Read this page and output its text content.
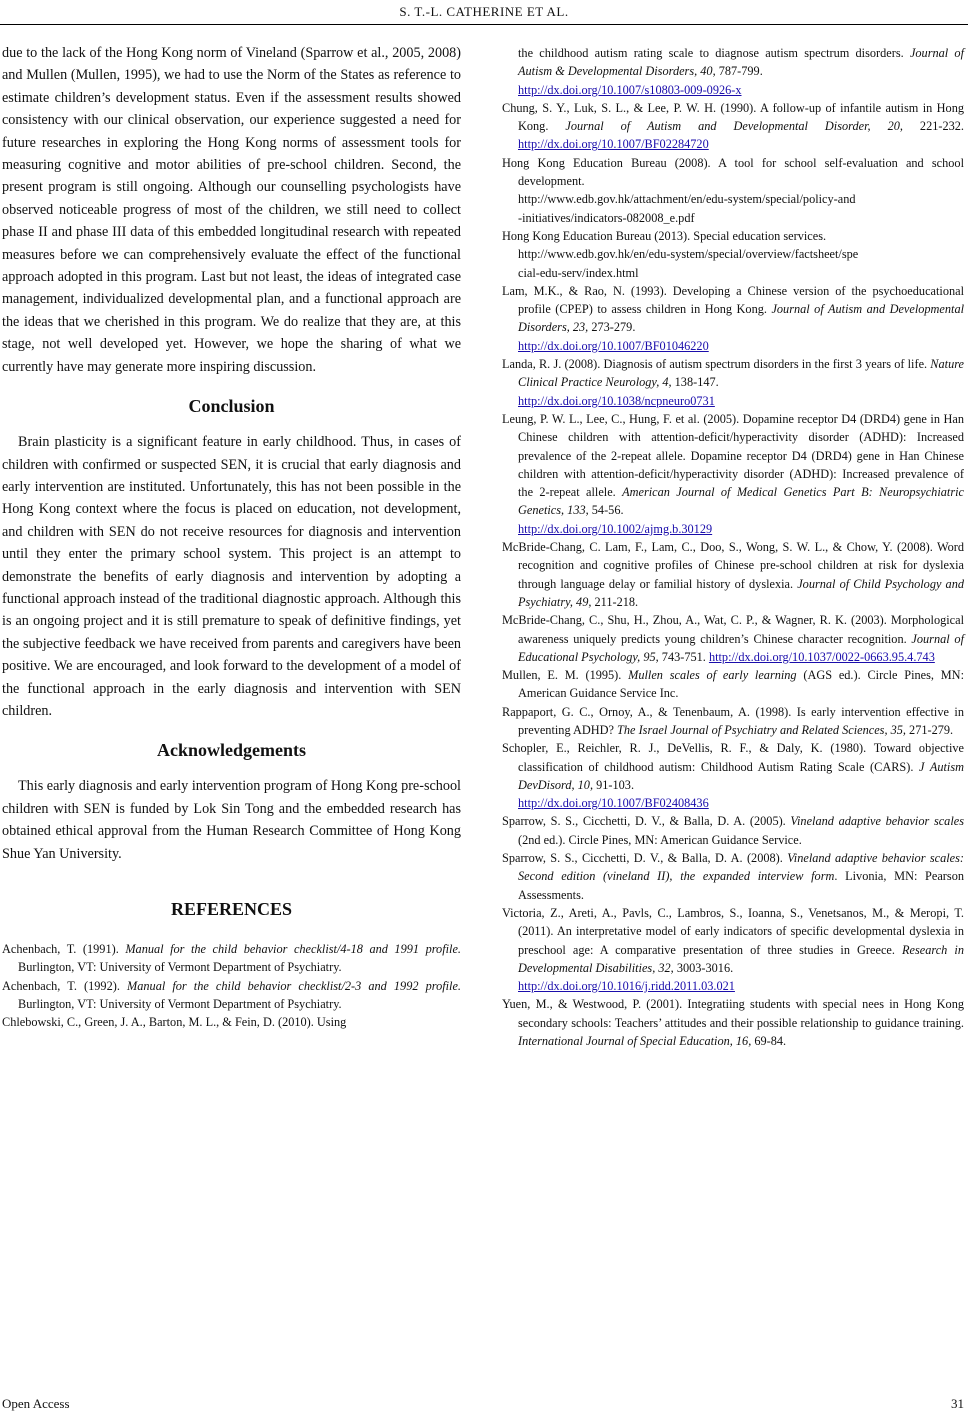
S. T.-L. CATHERINE ET AL.

due to the lack of the Hong Kong norm of Vineland (Sparrow et al., 2005, 2008) and Mullen (Mullen, 1995), we had to use the Norm of the States as reference to estimate children’s development status. Even if the assessment results showed consistency with our clinical observation, our experience suggested a need for future researches in exploring the Hong Kong norms of assessment tools for measuring cognitive and motor abilities of pre-school children. Second, the present program is still ongoing. Although our counselling psychologists have observed noticeable progress of most of the children, we still need to collect phase II and phase III data of this embedded longitudinal research with repeated measures before we can comprehensively evaluate the effect of the functional approach adopted in this program. Last but not least, the ideas of integrated case management, individualized developmental plan, and a functional approach are the ideas that we cherished in this program. We do realize that they are, at this stage, not well developed yet. However, we hope the sharing of what we currently have may generate more inspiring discussion.

Conclusion

Brain plasticity is a significant feature in early childhood. Thus, in cases of children with confirmed or suspected SEN, it is crucial that early diagnosis and early intervention are instituted. Unfortunately, this has not been possible in the Hong Kong context where the focus is placed on education, not development, and children with SEN do not receive resources for diagnosis and intervention until they enter the primary school system. This project is an attempt to demonstrate the benefits of early diagnosis and intervention by adopting a functional approach instead of the traditional diagnostic approach. Although this is an ongoing project and it is still premature to speak of definitive findings, yet the subjective feedback we have received from parents and caregivers have been positive. We are encouraged, and look forward to the development of a model of the functional approach in the early diagnosis and intervention with SEN children.

Acknowledgements

This early diagnosis and early intervention program of Hong Kong pre-school children with SEN is funded by Lok Sin Tong and the embedded research has obtained ethical approval from the Human Research Committee of Hong Kong Shue Yan University.

REFERENCES

Achenbach, T. (1991). Manual for the child behavior checklist/4-18 and 1991 profile. Burlington, VT: University of Vermont Department of Psychiatry.

Achenbach, T. (1992). Manual for the child behavior checklist/2-3 and 1992 profile. Burlington, VT: University of Vermont Department of Psychiatry.

Chlebowski, C., Green, J. A., Barton, M. L., & Fein, D. (2010). Using

the childhood autism rating scale to diagnose autism spectrum disorders. Journal of Autism & Developmental Disorders, 40, 787-799.
http://dx.doi.org/10.1007/s10803-009-0926-x

Chung, S. Y., Luk, S. L., & Lee, P. W. H. (1990). A follow-up of infantile autism in Hong Kong. Journal of Autism and Developmental Disorder, 20, 221-232. http://dx.doi.org/10.1007/BF02284720

Hong Kong Education Bureau (2008). A tool for school self-evaluation and school development.
http://www.edb.gov.hk/attachment/en/edu-system/special/policy-and
-initiatives/indicators-082008_e.pdf

Hong Kong Education Bureau (2013). Special education services.
http://www.edb.gov.hk/en/edu-system/special/overview/factsheet/spe
cial-edu-serv/index.html

Lam, M.K., & Rao, N. (1993). Developing a Chinese version of the psychoeducational profile (CPEP) to assess children in Hong Kong. Journal of Autism and Developmental Disorders, 23, 273-279.
http://dx.doi.org/10.1007/BF01046220

Landa, R. J. (2008). Diagnosis of autism spectrum disorders in the first 3 years of life. Nature Clinical Practice Neurology, 4, 138-147.
http://dx.doi.org/10.1038/ncpneuro0731

Leung, P. W. L., Lee, C., Hung, F. et al. (2005). Dopamine receptor D4 (DRD4) gene in Han Chinese children with attention-deficit/hyperactivity disorder (ADHD): Increased prevalence of the 2-repeat allele. Dopamine receptor D4 (DRD4) gene in Han Chinese children with attention-deficit/hyperactivity disorder (ADHD): Increased prevalence of the 2-repeat allele. American Journal of Medical Genetics Part B: Neuropsychiatric Genetics, 133, 54-56.
http://dx.doi.org/10.1002/ajmg.b.30129

McBride-Chang, C. Lam, F., Lam, C., Doo, S., Wong, S. W. L., & Chow, Y. (2008). Word recognition and cognitive profiles of Chinese pre-school children at risk for dyslexia through language delay or familial history of dyslexia. Journal of Child Psychology and Psychiatry, 49, 211-218.

McBride-Chang, C., Shu, H., Zhou, A., Wat, C. P., & Wagner, R. K. (2003). Morphological awareness uniquely predicts young children’s Chinese character recognition. Journal of Educational Psychology, 95, 743-751. http://dx.doi.org/10.1037/0022-0663.95.4.743

Mullen, E. M. (1995). Mullen scales of early learning (AGS ed.). Circle Pines, MN: American Guidance Service Inc.

Rappaport, G. C., Ornoy, A., & Tenenbaum, A. (1998). Is early intervention effective in preventing ADHD? The Israel Journal of Psychiatry and Related Sciences, 35, 271-279.

Schopler, E., Reichler, R. J., DeVellis, R. F., & Daly, K. (1980). Toward objective classification of childhood autism: Childhood Autism Rating Scale (CARS). J Autism DevDisord, 10, 91-103.
http://dx.doi.org/10.1007/BF02408436

Sparrow, S. S., Cicchetti, D. V., & Balla, D. A. (2005). Vineland adaptive behavior scales (2nd ed.). Circle Pines, MN: American Guidance Service.

Sparrow, S. S., Cicchetti, D. V., & Balla, D. A. (2008). Vineland adaptive behavior scales: Second edition (vineland II), the expanded interview form. Livonia, MN: Pearson Assessments.

Victoria, Z., Areti, A., Pavls, C., Lambros, S., Ioanna, S., Venetsanos, M., & Meropi, T. (2011). An interpretative model of early indicators of specific developmental dyslexia in preschool age: A comparative presentation of three studies in Greece. Research in Developmental Disabilities, 32, 3003-3016.
http://dx.doi.org/10.1016/j.ridd.2011.03.021

Yuen, M., & Westwood, P. (2001). Integratiing students with special nees in Hong Kong secondary schools: Teachers’ attitudes and their possible relationship to guidance training. International Journal of Special Education, 16, 69-84.

Open Access	31
